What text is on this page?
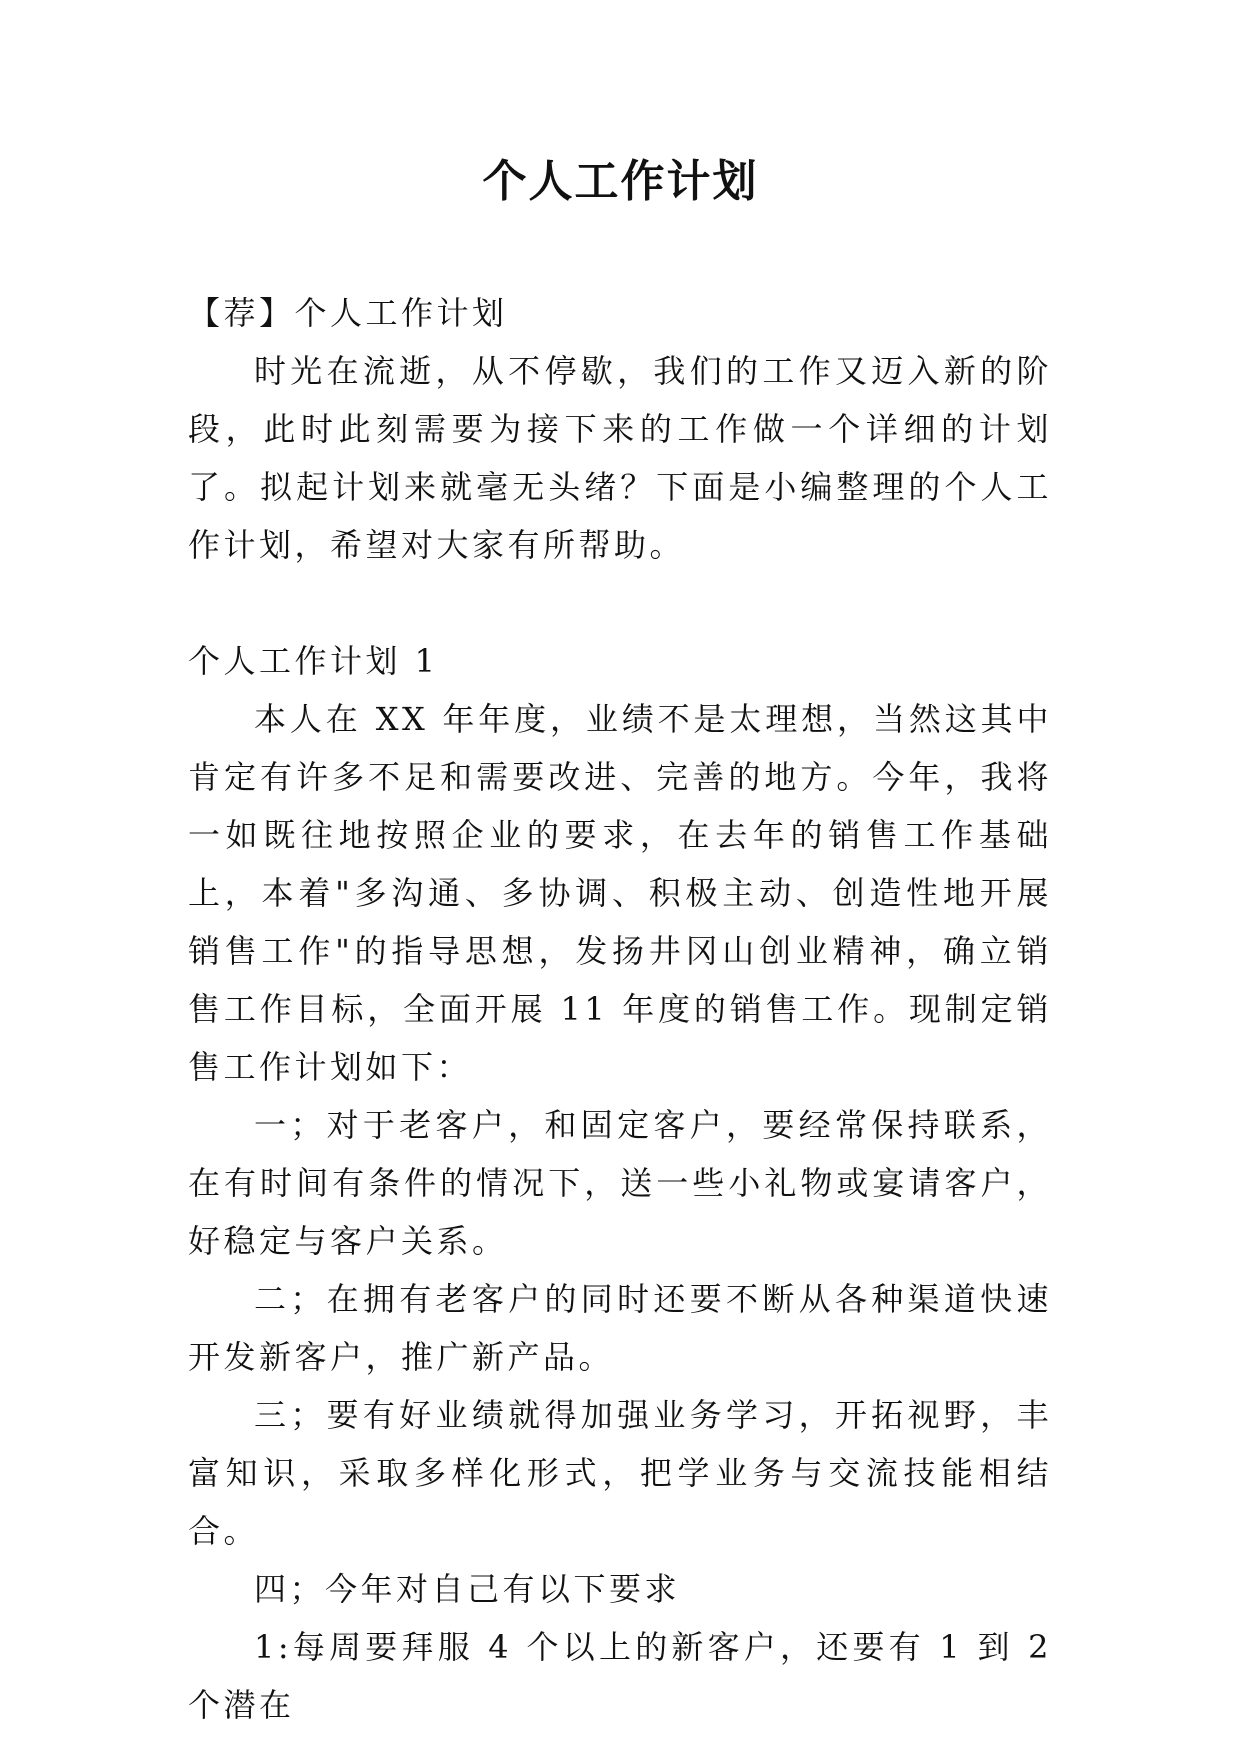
个人工作计划

【荐】个人工作计划

时光在流逝，从不停歇，我们的工作又迈入新的阶段，此时此刻需要为接下来的工作做一个详细的计划了。拟起计划来就毫无头绪？下面是小编整理的个人工作计划，希望对大家有所帮助。

个人工作计划 1

本人在 XX 年年度，业绩不是太理想，当然这其中肯定有许多不足和需要改进、完善的地方。今年，我将一如既往地按照企业的要求，在去年的销售工作基础上，本着"多沟通、多协调、积极主动、创造性地开展销售工作"的指导思想，发扬井冈山创业精神，确立销售工作目标，全面开展 11 年度的销售工作。现制定销售工作计划如下：

一；对于老客户，和固定客户，要经常保持联系，在有时间有条件的情况下，送一些小礼物或宴请客户，好稳定与客户关系。

二；在拥有老客户的同时还要不断从各种渠道快速开发新客户，推广新产品。

三；要有好业绩就得加强业务学习，开拓视野，丰富知识，采取多样化形式，把学业务与交流技能相结合。

四；今年对自己有以下要求

1:每周要拜服 4 个以上的新客户，还要有 1 到 2 个潜在
